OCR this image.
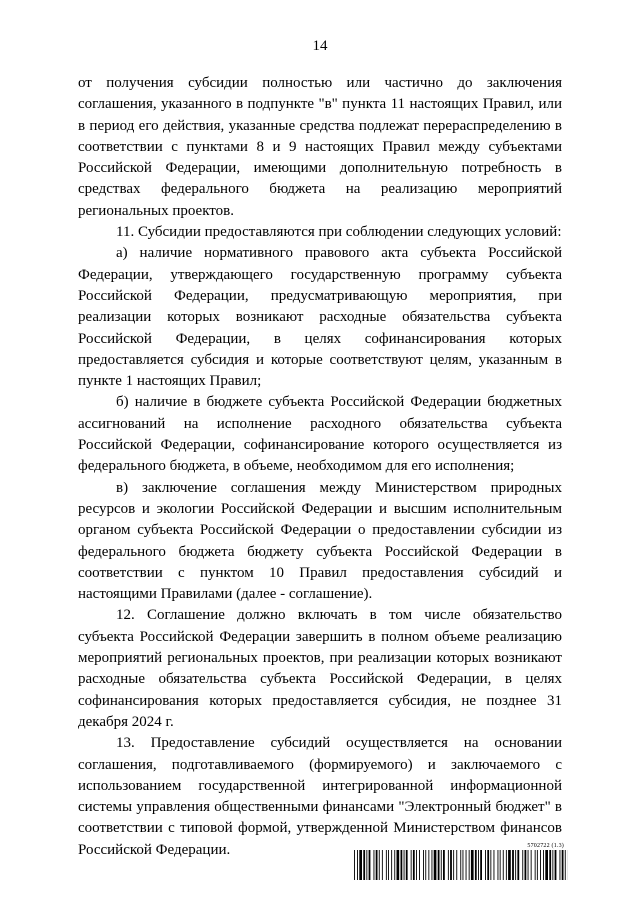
14

от получения субсидии полностью или частично до заключения соглашения, указанного в подпункте "в" пункта 11 настоящих Правил, или в период его действия, указанные средства подлежат перераспределению в соответствии с пунктами 8 и 9 настоящих Правил между субъектами Российской Федерации, имеющими дополнительную потребность в средствах федерального бюджета на реализацию мероприятий региональных проектов.

11. Субсидии предоставляются при соблюдении следующих условий:

а) наличие нормативного правового акта субъекта Российской Федерации, утверждающего государственную программу субъекта Российской Федерации, предусматривающую мероприятия, при реализации которых возникают расходные обязательства субъекта Российской Федерации, в целях софинансирования которых предоставляется субсидия и которые соответствуют целям, указанным в пункте 1 настоящих Правил;

б) наличие в бюджете субъекта Российской Федерации бюджетных ассигнований на исполнение расходного обязательства субъекта Российской Федерации, софинансирование которого осуществляется из федерального бюджета, в объеме, необходимом для его исполнения;

в) заключение соглашения между Министерством природных ресурсов и экологии Российской Федерации и высшим исполнительным органом субъекта Российской Федерации о предоставлении субсидии из федерального бюджета бюджету субъекта Российской Федерации в соответствии с пунктом 10 Правил предоставления субсидий и настоящими Правилами (далее - соглашение).

12. Соглашение должно включать в том числе обязательство субъекта Российской Федерации завершить в полном объеме реализацию мероприятий региональных проектов, при реализации которых возникают расходные обязательства субъекта Российской Федерации, в целях софинансирования которых предоставляется субсидия, не позднее 31 декабря 2024 г.

13. Предоставление субсидий осуществляется на основании соглашения, подготавливаемого (формируемого) и заключаемого с использованием государственной интегрированной информационной системы управления общественными финансами "Электронный бюджет" в соответствии с типовой формой, утвержденной Министерством финансов Российской Федерации.	5702722 (1.3)
